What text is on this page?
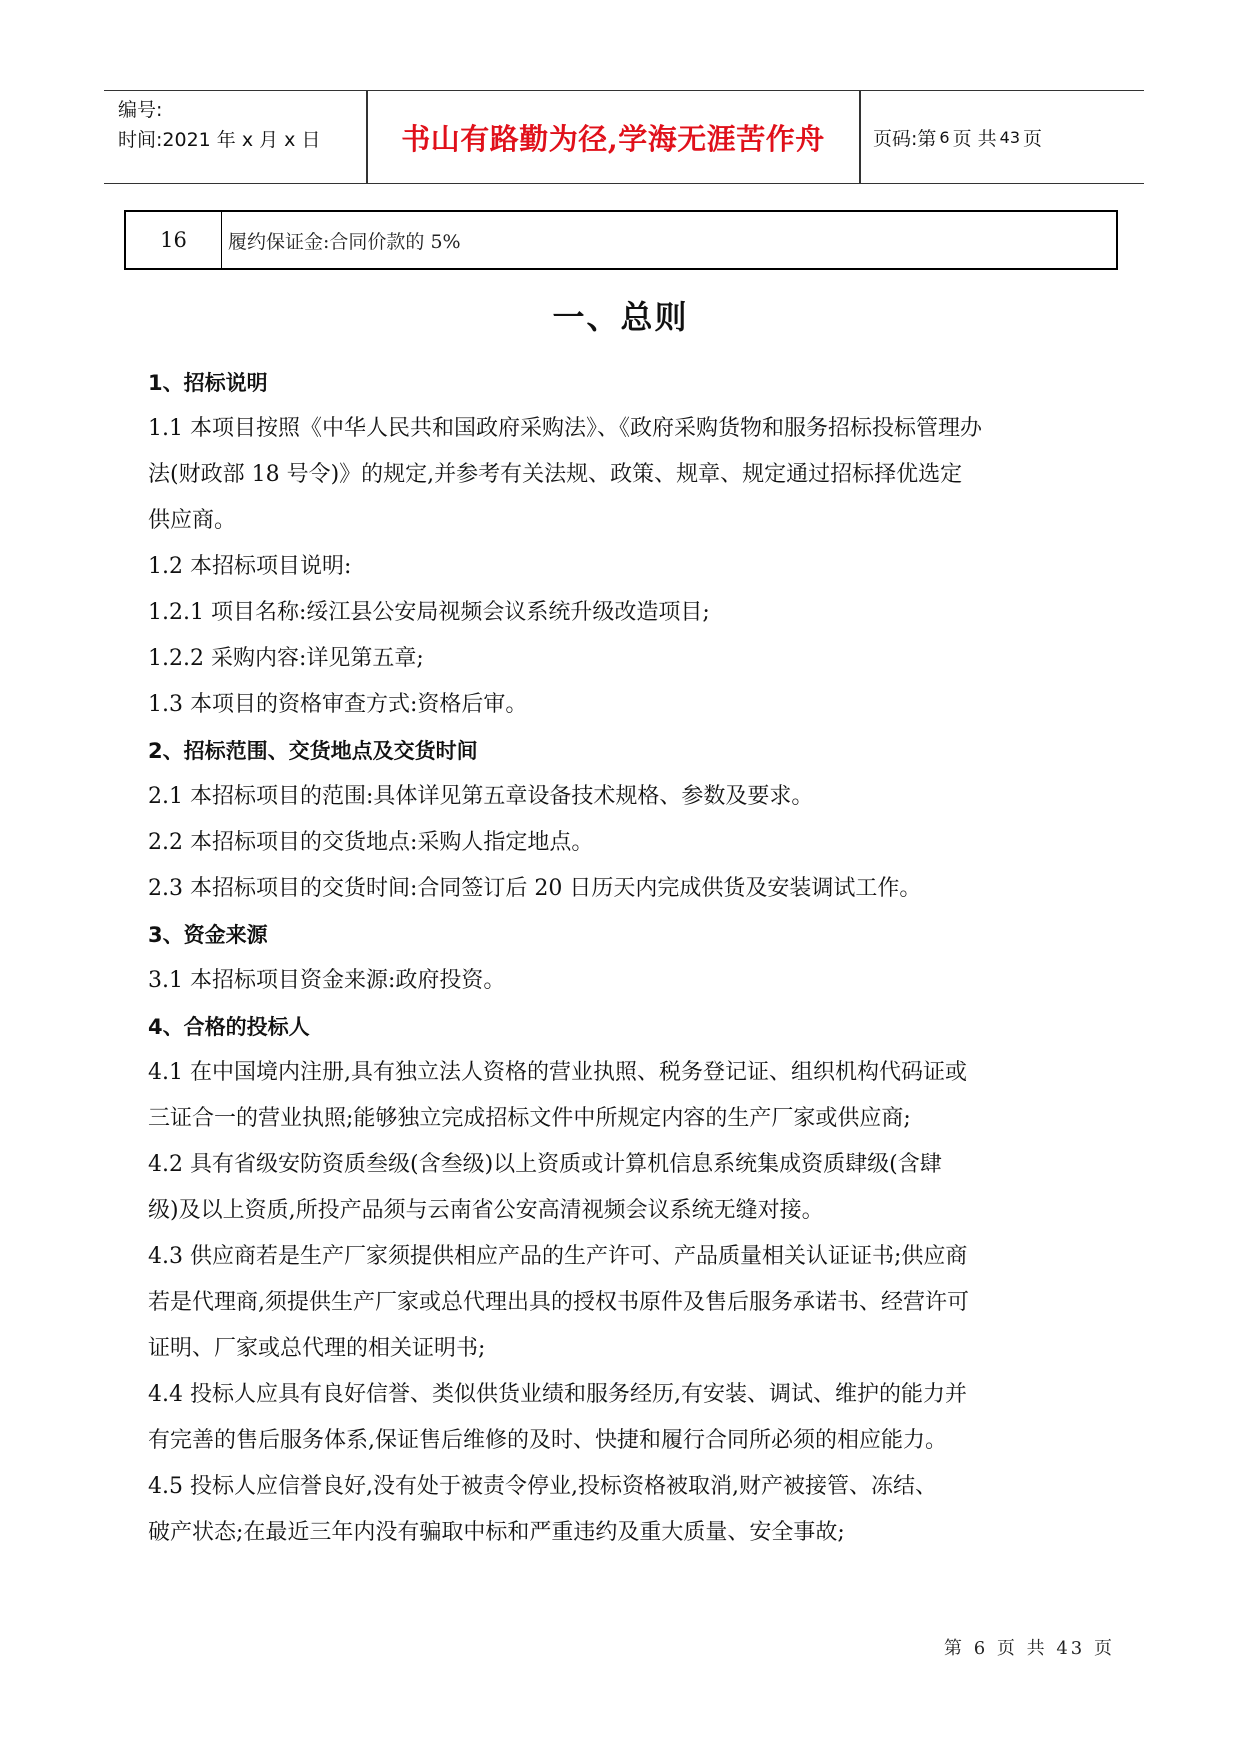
编号:
时间:2021 年 x 月 x 日	书山有路勤为径,学海无涯苦作舟	页码:第 6 页 共 43 页
16	履约保证金:合同价款的 5%
一、总则
1、招标说明
1.1 本项目按照《中华人民共和国政府采购法》、《政府采购货物和服务招标投标管理办
法(财政部 18 号令)》的规定,并参考有关法规、政策、规章、规定通过招标择优选定
供应商。
1.2 本招标项目说明:
1.2.1 项目名称:绥江县公安局视频会议系统升级改造项目;
1.2.2 采购内容:详见第五章;
1.3 本项目的资格审查方式:资格后审。
2、招标范围、交货地点及交货时间
2.1 本招标项目的范围:具体详见第五章设备技术规格、参数及要求。
2.2 本招标项目的交货地点:采购人指定地点。
2.3 本招标项目的交货时间:合同签订后 20 日历天内完成供货及安装调试工作。
3、资金来源
3.1 本招标项目资金来源:政府投资。
4、合格的投标人
4.1 在中国境内注册,具有独立法人资格的营业执照、税务登记证、组织机构代码证或
三证合一的营业执照;能够独立完成招标文件中所规定内容的生产厂家或供应商;
4.2 具有省级安防资质叁级(含叁级)以上资质或计算机信息系统集成资质肆级(含肆
级)及以上资质,所投产品须与云南省公安高清视频会议系统无缝对接。
4.3 供应商若是生产厂家须提供相应产品的生产许可、产品质量相关认证证书;供应商
若是代理商,须提供生产厂家或总代理出具的授权书原件及售后服务承诺书、经营许可
证明、厂家或总代理的相关证明书;
4.4 投标人应具有良好信誉、类似供货业绩和服务经历,有安装、调试、维护的能力并
有完善的售后服务体系,保证售后维修的及时、快捷和履行合同所必须的相应能力。
4.5 投标人应信誉良好,没有处于被责令停业,投标资格被取消,财产被接管、冻结、
破产状态;在最近三年内没有骗取中标和严重违约及重大质量、安全事故;
第 6 页 共 43 页
